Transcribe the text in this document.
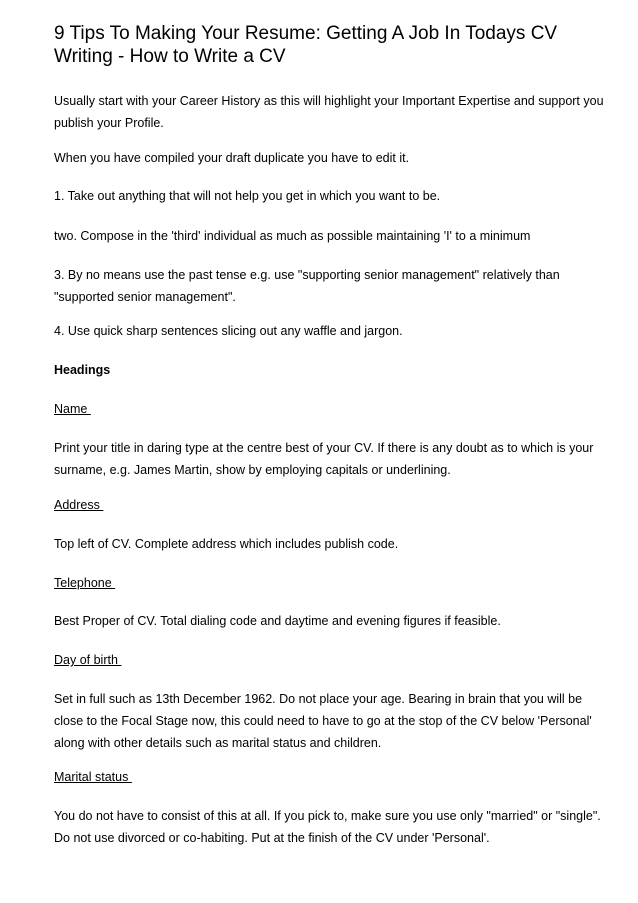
9 Tips To Making Your Resume: Getting A Job In Todays CV Writing - How to Write a CV

Usually start with your Career History as this will highlight your Important Expertise and support you publish your Profile.

When you have compiled your draft duplicate you have to edit it.

1. Take out anything that will not help you get in which you want to be.

two. Compose in the 'third' individual as much as possible maintaining 'I' to a minimum

3. By no means use the past tense e.g. use "supporting senior management" relatively than "supported senior management".

4. Use quick sharp sentences slicing out any waffle and jargon.

Headings

Name

Print your title in daring type at the centre best of your CV. If there is any doubt as to which is your surname, e.g. James Martin, show by employing capitals or underlining.

Address

Top left of CV. Complete address which includes publish code.

Telephone

Best Proper of CV. Total dialing code and daytime and evening figures if feasible.

Day of birth

Set in full such as 13th December 1962. Do not place your age. Bearing in brain that you will be close to the Focal Stage now, this could need to have to go at the stop of the CV below 'Personal' along with other details such as marital status and children.

Marital status

You do not have to consist of this at all. If you pick to, make sure you use only "married" or "single". Do not use divorced or co-habiting. Put at the finish of the CV under 'Personal'.
